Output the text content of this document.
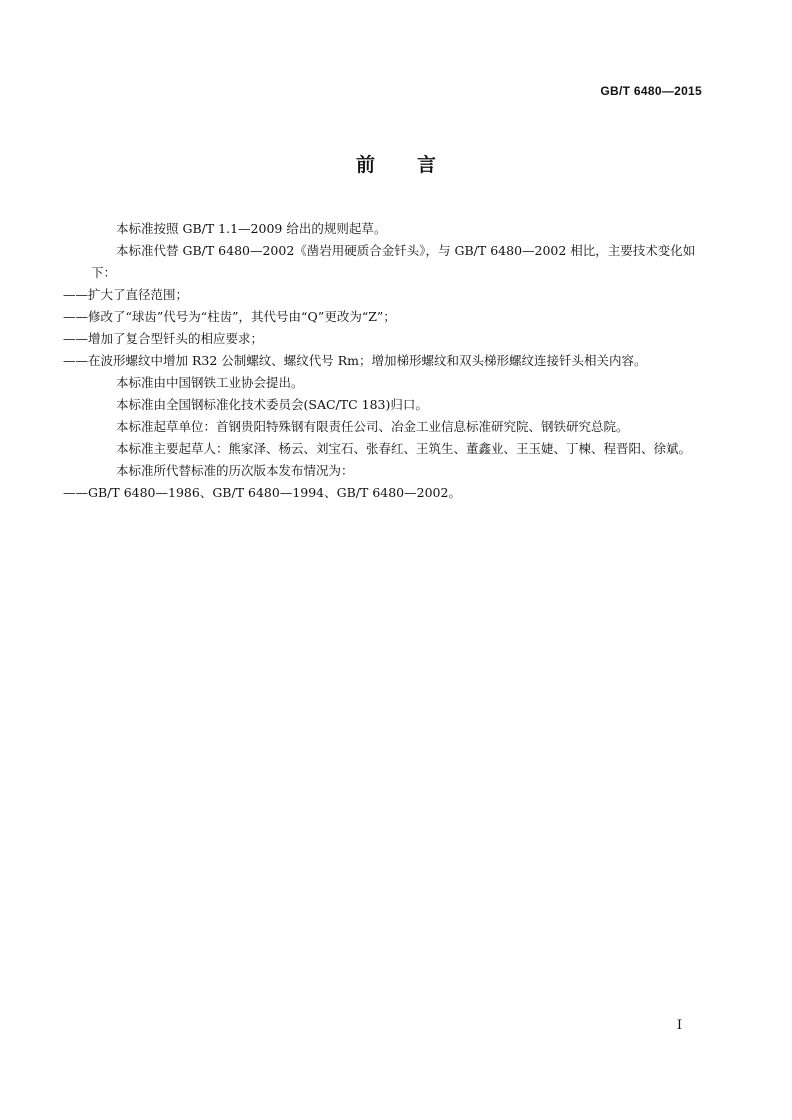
GB/T 6480—2015
前言

本标准按照 GB/T 1.1—2009 给出的规则起草。

本标准代替 GB/T 6480—2002《凿岩用硬质合金钎头》，与 GB/T 6480—2002 相比，主要技术变化如下：

——扩大了直径范围；

——修改了“球齿”代号为“柱齿”，其代号由“Q”更改为“Z”；

——增加了复合型钎头的相应要求；

——在波形螺纹中增加 R32 公制螺纹、螺纹代号 Rm；增加梯形螺纹和双头梯形螺纹连接钎头相关内容。

本标准由中国钢铁工业协会提出。

本标准由全国钢标准化技术委员会(SAC/TC 183)归口。

本标准起草单位：首钢贵阳特殊钢有限责任公司、冶金工业信息标准研究院、钢铁研究总院。

本标准主要起草人：熊家泽、杨云、刘宝石、张春红、王筑生、董鑫业、王玉婕、丁楝、程晋阳、徐斌。

本标准所代替标准的历次版本发布情况为：

——GB/T 6480—1986、GB/T 6480—1994、GB/T 6480—2002。

I
